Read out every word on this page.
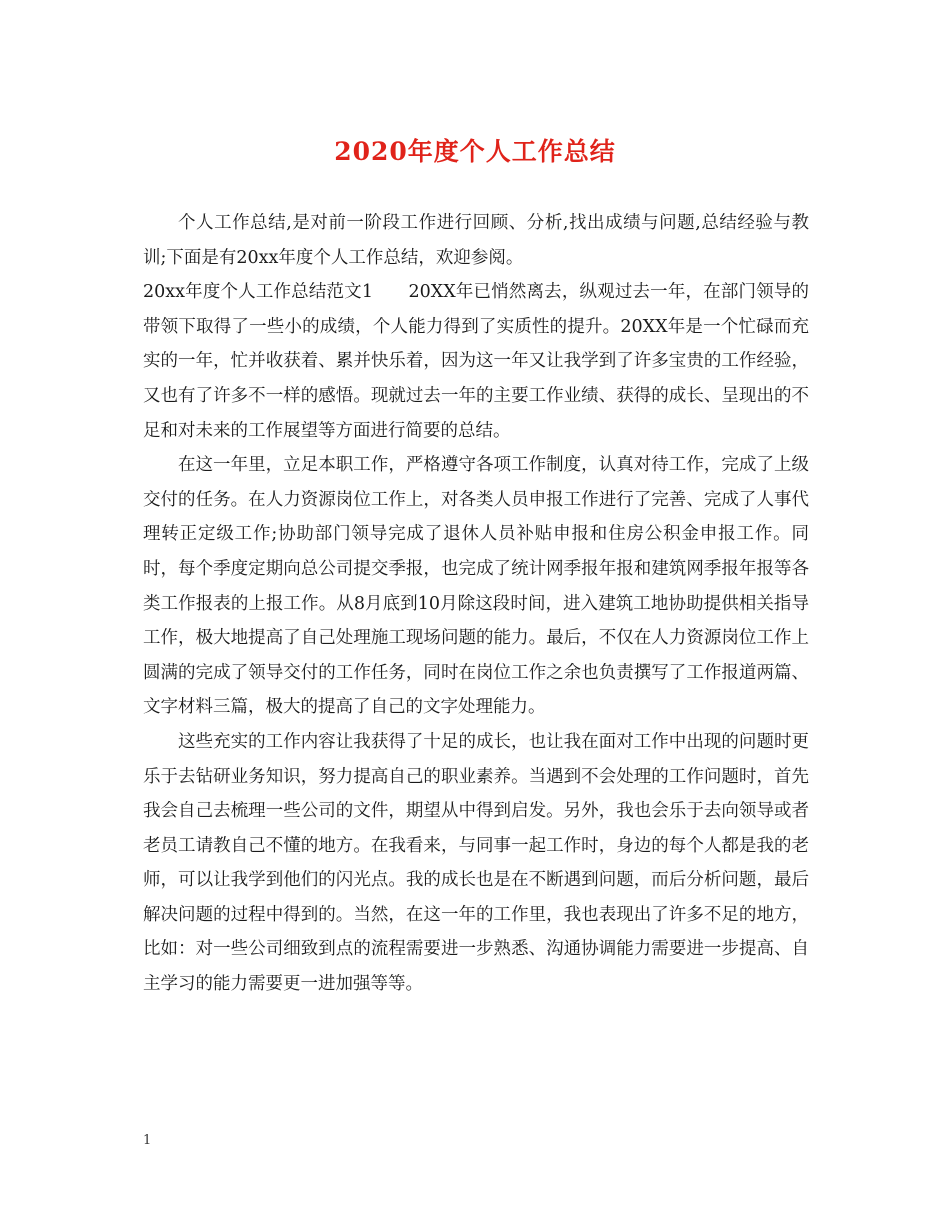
2020年度个人工作总结

个人工作总结,是对前一阶段工作进行回顾、分析,找出成绩与问题,总结经验与教训;下面是有20xx年度个人工作总结，欢迎参阅。

20xx年度个人工作总结范文1　　20XX年已悄然离去，纵观过去一年，在部门领导的带领下取得了一些小的成绩，个人能力得到了实质性的提升。20XX年是一个忙碌而充实的一年，忙并收获着、累并快乐着，因为这一年又让我学到了许多宝贵的工作经验，又也有了许多不一样的感悟。现就过去一年的主要工作业绩、获得的成长、呈现出的不足和对未来的工作展望等方面进行简要的总结。

在这一年里，立足本职工作，严格遵守各项工作制度，认真对待工作，完成了上级交付的任务。在人力资源岗位工作上，对各类人员申报工作进行了完善、完成了人事代理转正定级工作;协助部门领导完成了退休人员补贴申报和住房公积金申报工作。同时，每个季度定期向总公司提交季报，也完成了统计网季报年报和建筑网季报年报等各类工作报表的上报工作。从8月底到10月除这段时间，进入建筑工地协助提供相关指导工作，极大地提高了自己处理施工现场问题的能力。最后，不仅在人力资源岗位工作上圆满的完成了领导交付的工作任务，同时在岗位工作之余也负责撰写了工作报道两篇、文字材料三篇，极大的提高了自己的文字处理能力。

这些充实的工作内容让我获得了十足的成长，也让我在面对工作中出现的问题时更乐于去钻研业务知识，努力提高自己的职业素养。当遇到不会处理的工作问题时，首先我会自己去梳理一些公司的文件，期望从中得到启发。另外，我也会乐于去向领导或者老员工请教自己不懂的地方。在我看来，与同事一起工作时，身边的每个人都是我的老师，可以让我学到他们的闪光点。我的成长也是在不断遇到问题，而后分析问题，最后解决问题的过程中得到的。当然，在这一年的工作里，我也表现出了许多不足的地方，比如：对一些公司细致到点的流程需要进一步熟悉、沟通协调能力需要进一步提高、自主学习的能力需要更一进加强等等。

1
